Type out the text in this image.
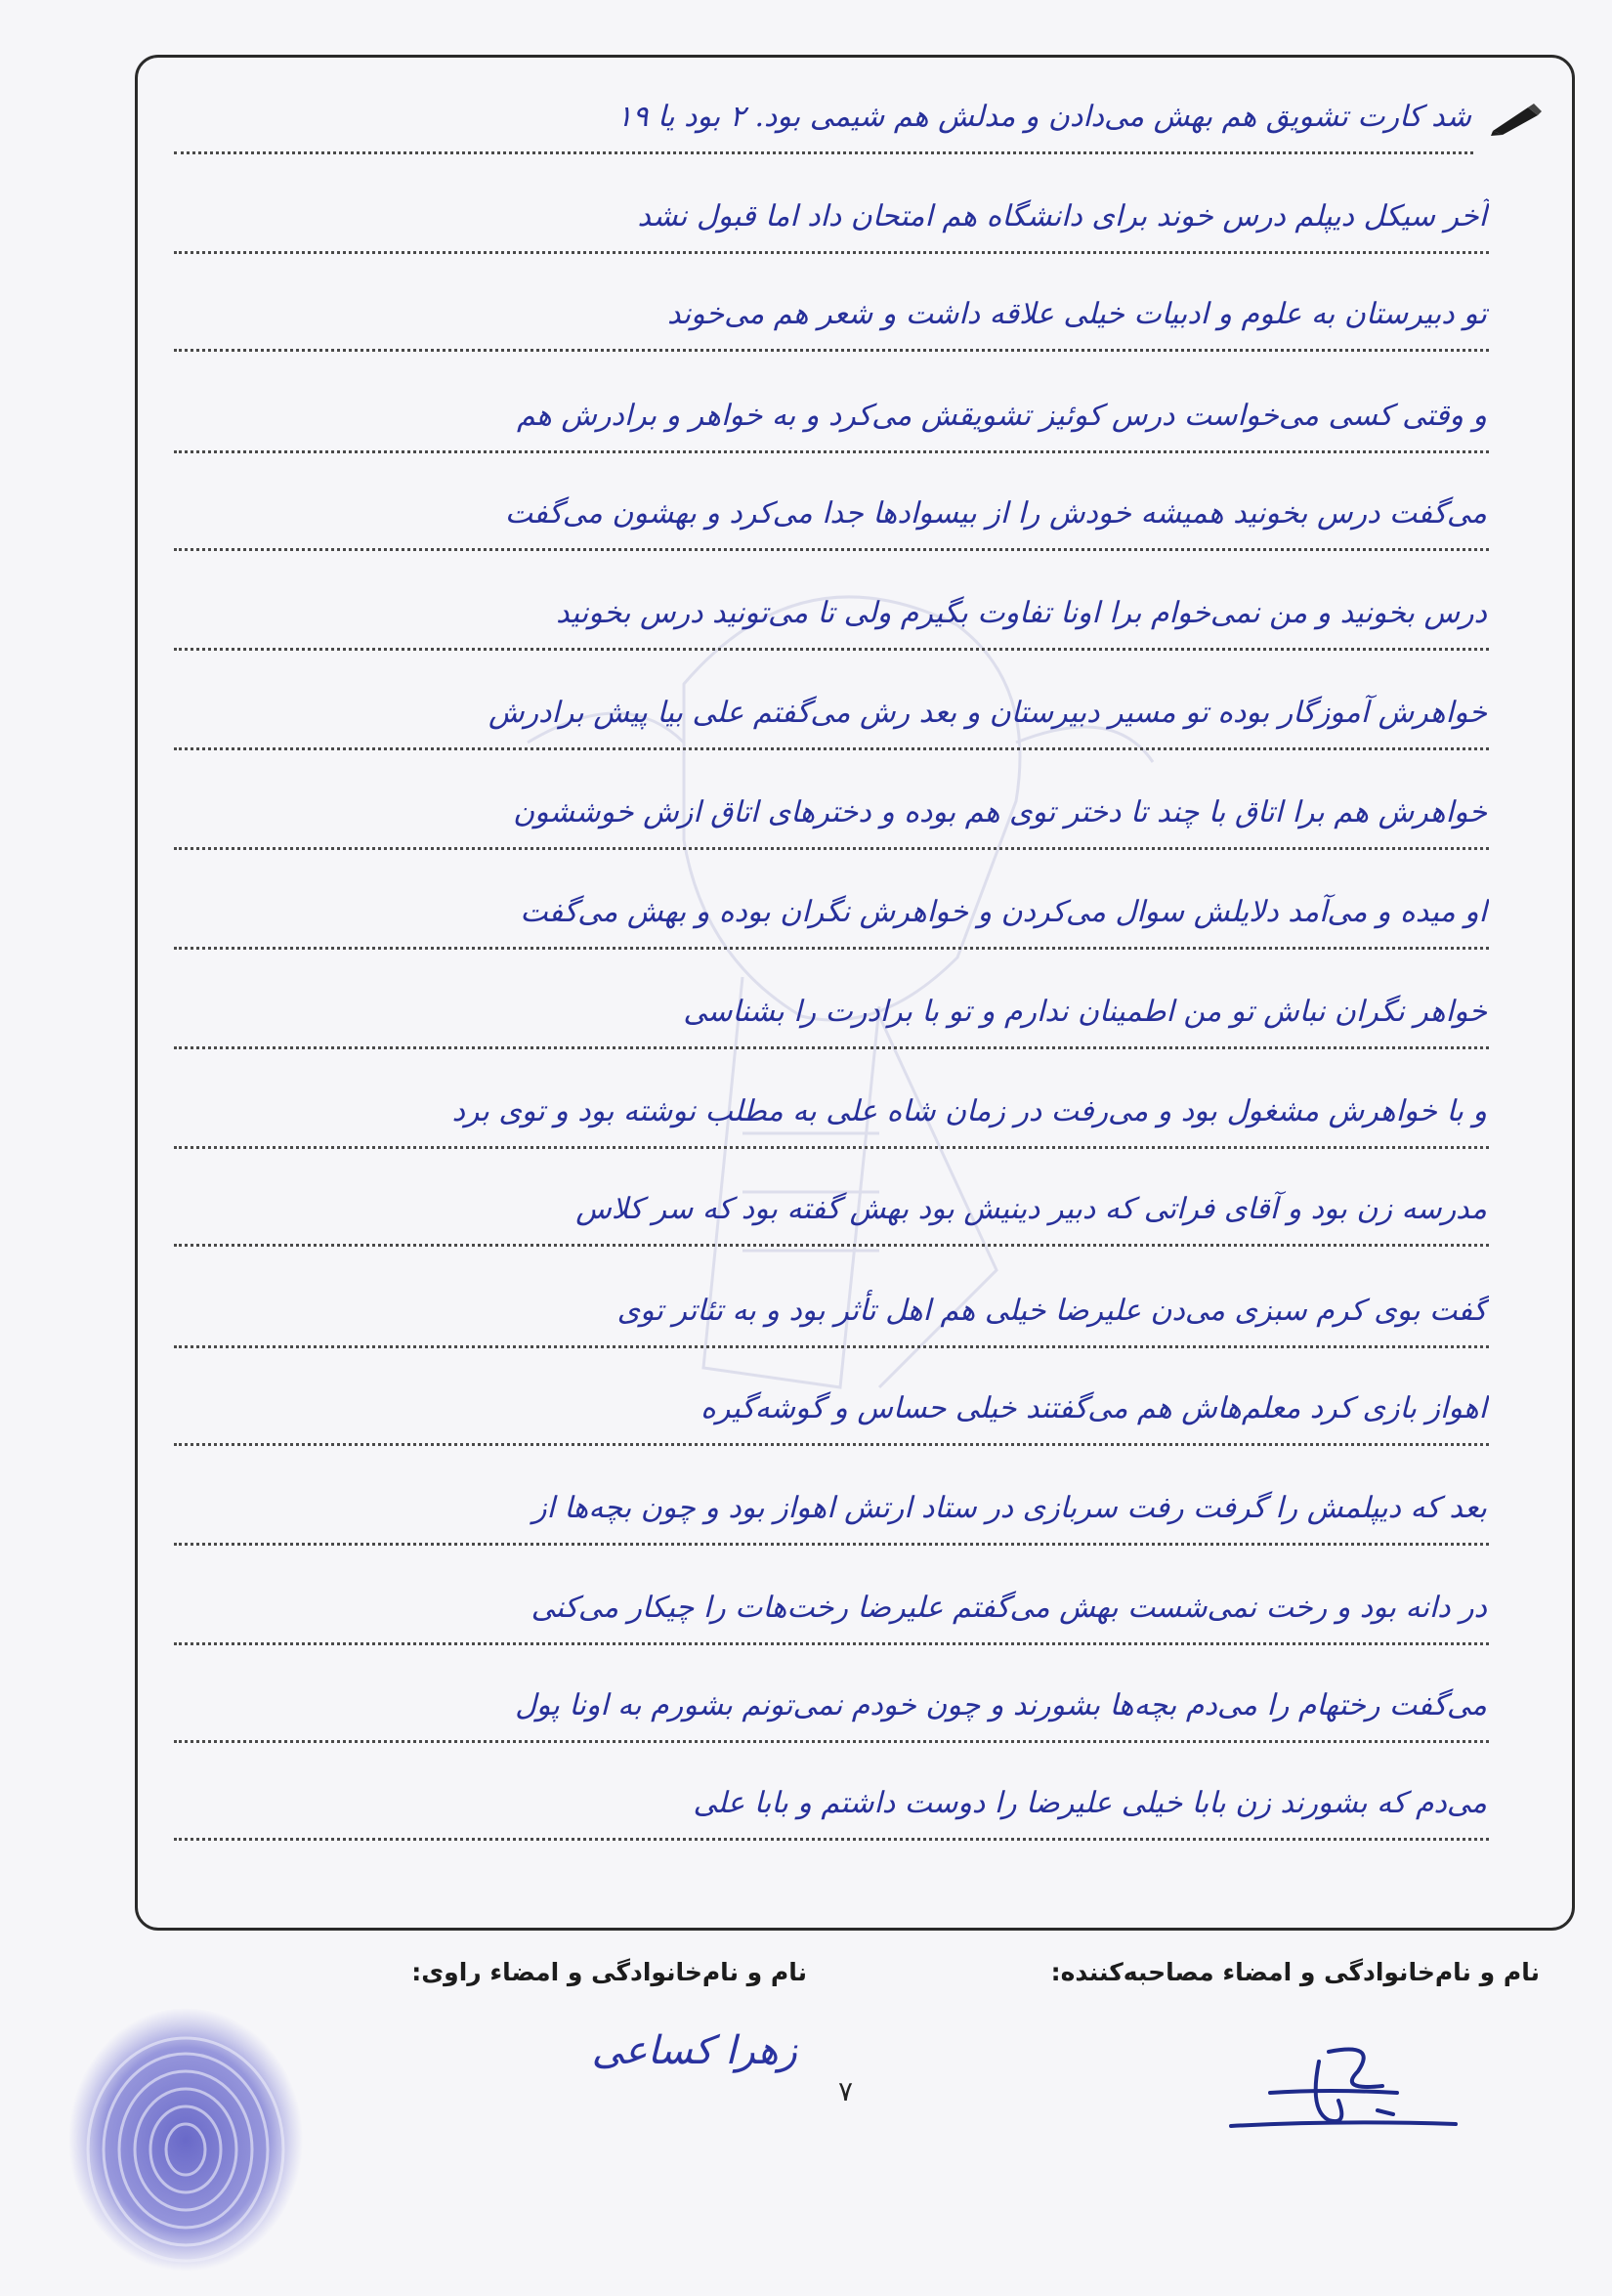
شد کارت تشویق هم بهش می‌دادن و مدلش هم شیمی بود. ۲ بود یا ۱۹
آخر سیکل دیپلم درس خوند برای دانشگاه هم امتحان داد اما قبول نشد
تو دبیرستان به علوم و ادبیات خیلی علاقه داشت و شعر هم می‌خوند
و وقتی کسی می‌خواست درس کوئیز تشویقش می‌کرد و به خواهر و برادرش هم
می‌گفت درس بخونید همیشه خودش را از بیسوادها جدا می‌کرد و بهشون می‌گفت
درس بخونید و من نمی‌خوام برا اونا تفاوت بگیرم ولی تا می‌تونید درس بخونید
خواهرش آموزگار بوده تو مسیر دبیرستان و بعد رش می‌گفتم علی بیا پیش برادرش
خواهرش هم برا اتاق با چند تا دختر توی هم بوده و دخترهای اتاق ازش خوششون
او میده و می‌آمد دلایلش سوال می‌کردن و خواهرش نگران بوده و بهش می‌گفت
خواهر نگران نباش تو من اطمینان ندارم و تو با برادرت را بشناسی
و با خواهرش مشغول بود و می‌رفت در زمان شاه علی به مطلب نوشته بود و توی برد
مدرسه زن بود و آقای فراتی که دبیر دینیش بود بهش گفته بود که سر کلاس
گفت بوی کرم سبزی می‌دن علیرضا خیلی هم اهل تأثر بود و به تئاتر توی
اهواز بازی کرد معلم‌هاش هم می‌گفتند خیلی حساس و گوشه‌گیره
بعد که دیپلمش را گرفت رفت سربازی در ستاد ارتش اهواز بود و چون بچه‌ها از
در دانه بود و رخت نمی‌شست بهش می‌گفتم علیرضا رخت‌هات را چیکار می‌کنی
می‌گفت رختهام را می‌دم بچه‌ها بشورند و چون خودم نمی‌تونم بشورم به اونا پول
می‌دم که بشورند زن بابا خیلی علیرضا را دوست داشتم و بابا علی
نام و نام‌خانوادگی و امضاء مصاحبه‌کننده:
نام و نام‌خانوادگی و امضاء راوی:
زهرا کساعی
۷
